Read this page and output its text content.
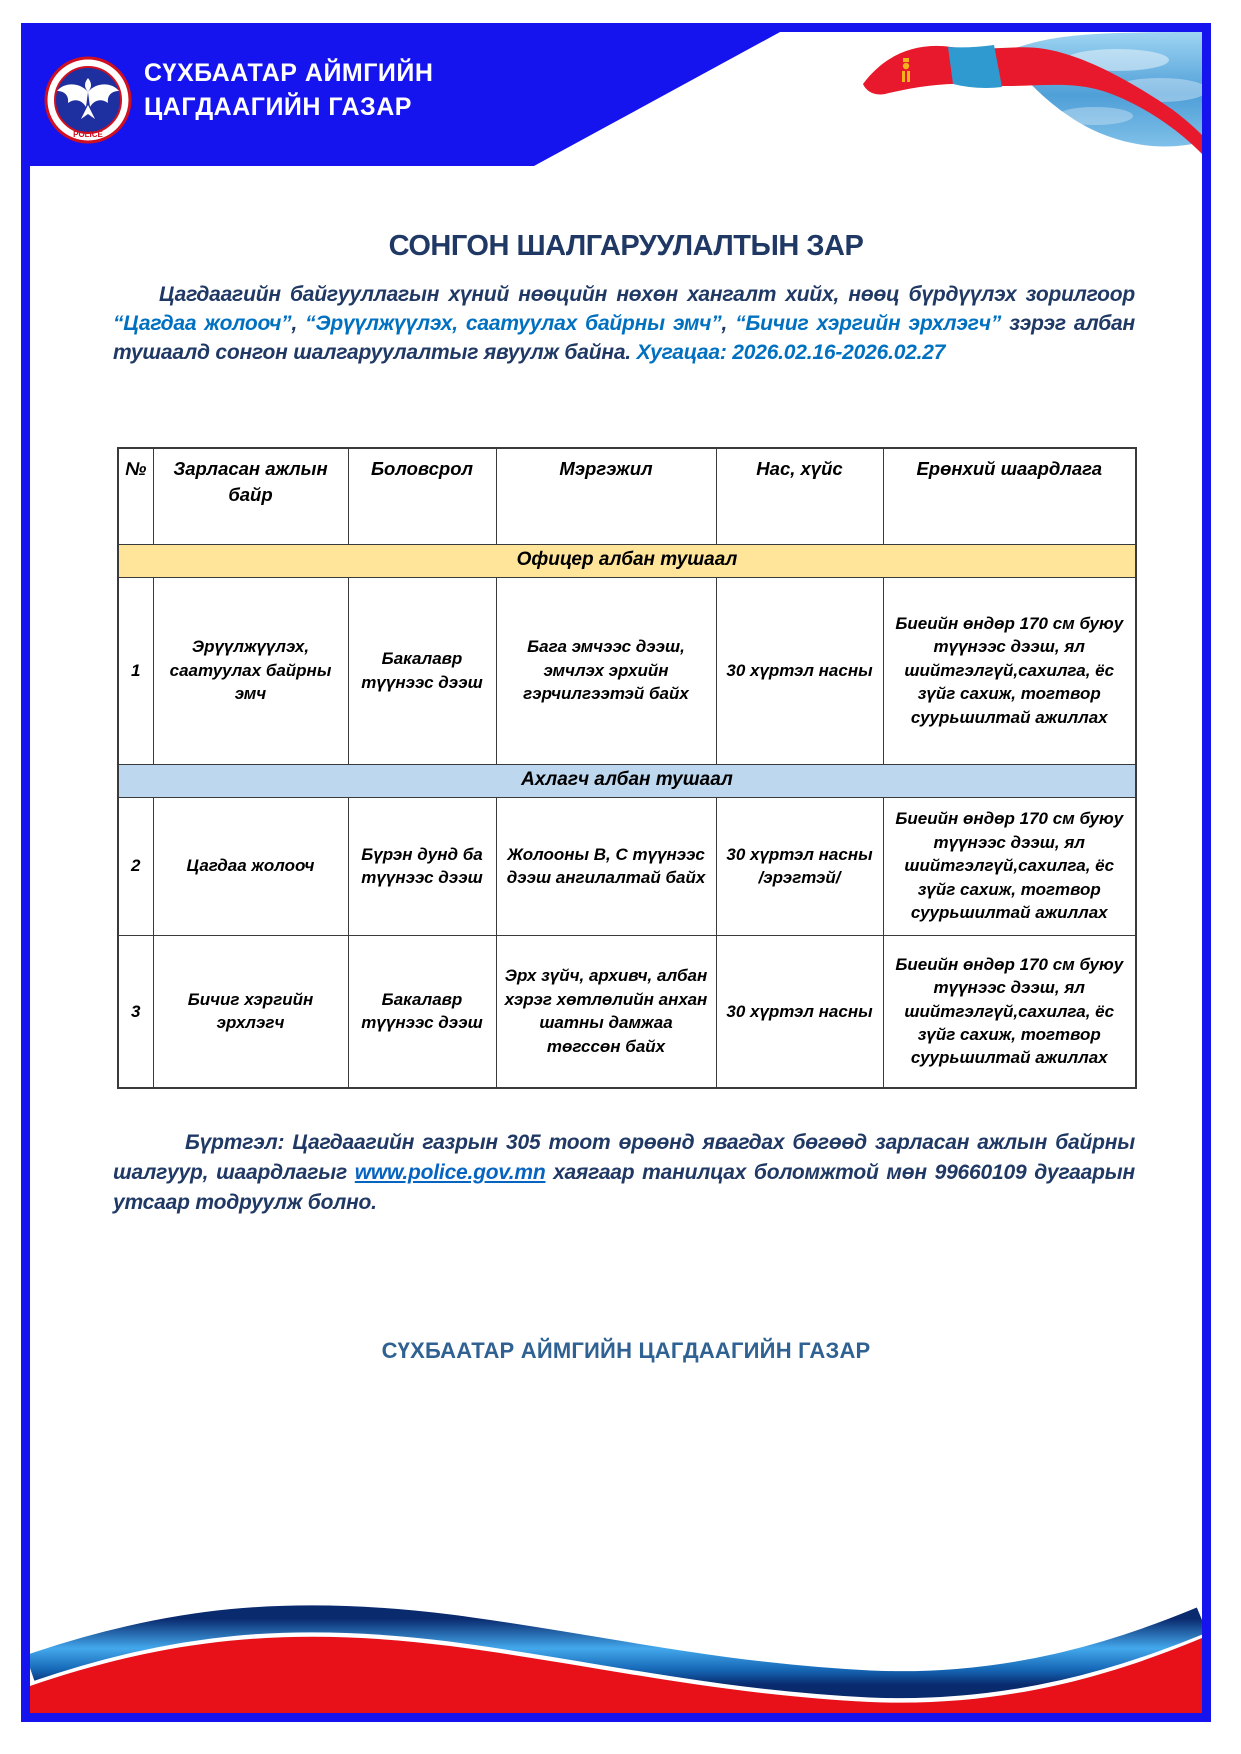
POLICE
СҮХБААТАР АЙМГИЙН
ЦАГДААГИЙН ГАЗАР
СОНГОН ШАЛГАРУУЛАЛТЫН ЗАР
Цагдаагийн байгууллагын хүний нөөцийн нөхөн хангалт хийх, нөөц бүрдүүлэх зорилгоор “Цагдаа жолооч”, “Эрүүлжүүлэх, саатуулах байрны эмч”, “Бичиг хэргийн эрхлэгч” зэрэг албан тушаалд сонгон шалгаруулалтыг явуулж байна. Хугацаа: 2026.02.16-2026.02.27
№	Зарласан ажлын байр	Боловсрол	Мэргэжил	Нас, хүйс	Ерөнхий шаардлага
Офицер албан тушаал					
1	Эрүүлжүүлэх, саатуулах байрны эмч	Бакалавр түүнээс дээш	Бага эмчээс дээш, эмчлэх эрхийн гэрчилгээтэй байх	30 хүртэл насны	Биеийн өндөр 170 см буюу түүнээс дээш, ял шийтгэлгүй,сахилга, ёс зүйг сахиж, тогтвор суурьшилтай ажиллах
Ахлагч албан тушаал					
2	Цагдаа жолооч	Бүрэн дунд ба түүнээс дээш	Жолооны В, С түүнээс дээш ангилалтай байх	30 хүртэл насны /эрэгтэй/	Биеийн өндөр 170 см буюу түүнээс дээш, ял шийтгэлгүй,сахилга, ёс зүйг сахиж, тогтвор суурьшилтай ажиллах
3	Бичиг хэргийн эрхлэгч	Бакалавр түүнээс дээш	Эрх зүйч, архивч, албан хэрэг хөтлөлийн анхан шатны дамжаа төгссөн байх	30 хүртэл насны	Биеийн өндөр 170 см буюу түүнээс дээш, ял шийтгэлгүй,сахилга, ёс зүйг сахиж, тогтвор суурьшилтай ажиллах
Бүртгэл: Цагдаагийн газрын 305 тоот өрөөнд явагдах бөгөөд зарласан ажлын байрны шалгуур, шаардлагыг www.police.gov.mn хаягаар танилцах боломжтой мөн 99660109 дугаарын утсаар тодруулж болно.
СҮХБААТАР АЙМГИЙН ЦАГДААГИЙН ГАЗАР
